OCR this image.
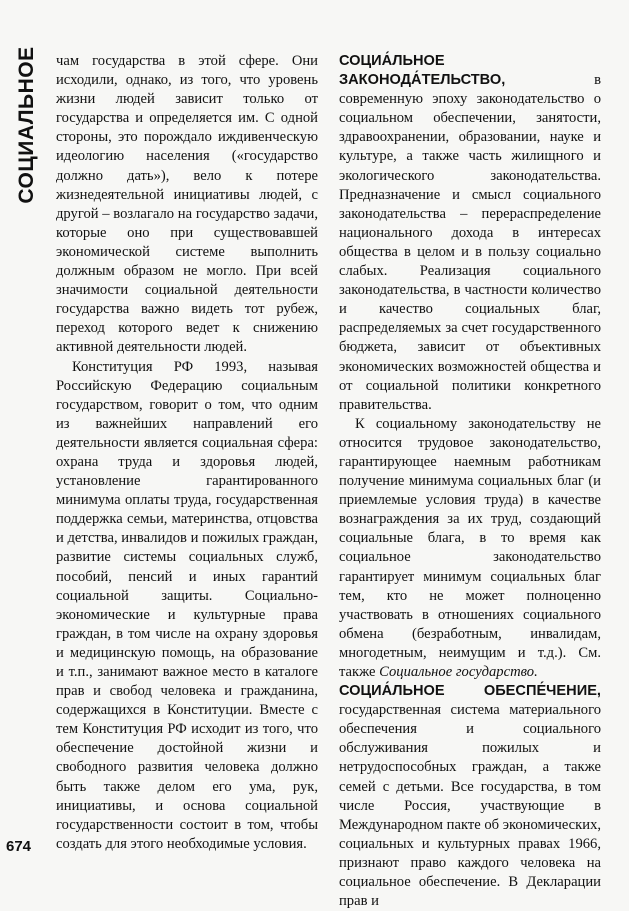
СОЦИАЛЬНОЕ чам государства в этой сфере. Они исходили, однако, из того, что уровень жизни людей зависит только от государства и определяется им. С одной стороны, это порождало иждивенческую идеологию населения («государство должно дать»), вело к потере жизнедеятельной инициативы людей, с другой – возлагало на государство задачи, которые оно при существовавшей экономической системе выполнить должным образом не могло. При всей значимости социальной деятельности государства важно видеть тот рубеж, переход которого ведет к снижению активной деятельности людей.

Конституция РФ 1993, называя Российскую Федерацию социальным государством, говорит о том, что одним из важнейших направлений его деятельности является социальная сфера: охрана труда и здоровья людей, установление гарантированного минимума оплаты труда, государственная поддержка семьи, материнства, отцовства и детства, инвалидов и пожилых граждан, развитие системы социальных служб, пособий, пенсий и иных гарантий социальной защиты. Социально-экономические и культурные права граждан, в том числе на охрану здоровья и медицинскую помощь, на образование и т.п., занимают важное место в каталоге прав и свобод человека и гражданина, содержащихся в Конституции. Вместе с тем Конституция РФ исходит из того, что обеспечение достойной жизни и свободного развития человека должно быть также делом его ума, рук, инициативы, и основа социальной государственности состоит в том, чтобы создать для этого необходимые условия.

СОЦИА́ЛЬНОЕ ЗАКОНОДА́ТЕЛЬСТВО, в современную эпоху законодательство о социальном обеспечении, занятости, здравоохранении, образовании, науке и культуре, а также часть жилищного и экологического законодательства. Предназначение и смысл социального законодательства – перераспределение национального дохода в интересах общества в целом и в пользу социально слабых. Реализация социального законодательства, в частности количество и качество социальных благ, распределяемых за счет государственного бюджета, зависит от объективных экономических возможностей общества и от социальной политики конкретного правительства.

К социальному законодательству не относится трудовое законодательство, гарантирующее наемным работникам получение минимума социальных благ (и приемлемые условия труда) в качестве вознаграждения за их труд, создающий социальные блага, в то время как социальное законодательство гарантирует минимум социальных благ тем, кто не может полноценно участвовать в отношениях социального обмена (безработным, инвалидам, многодетным, неимущим и т.д.). См. также Социальное государство.

СОЦИА́ЛЬНОЕ ОБЕСПЕ́ЧЕНИЕ, государственная система материального обеспечения и социального обслуживания пожилых и нетрудоспособных граждан, а также семей с детьми. Все государства, в том числе Россия, участвующие в Международном пакте об экономических, социальных и культурных правах 1966, признают право каждого человека на социальное обеспечение. В Декларации прав и

674
